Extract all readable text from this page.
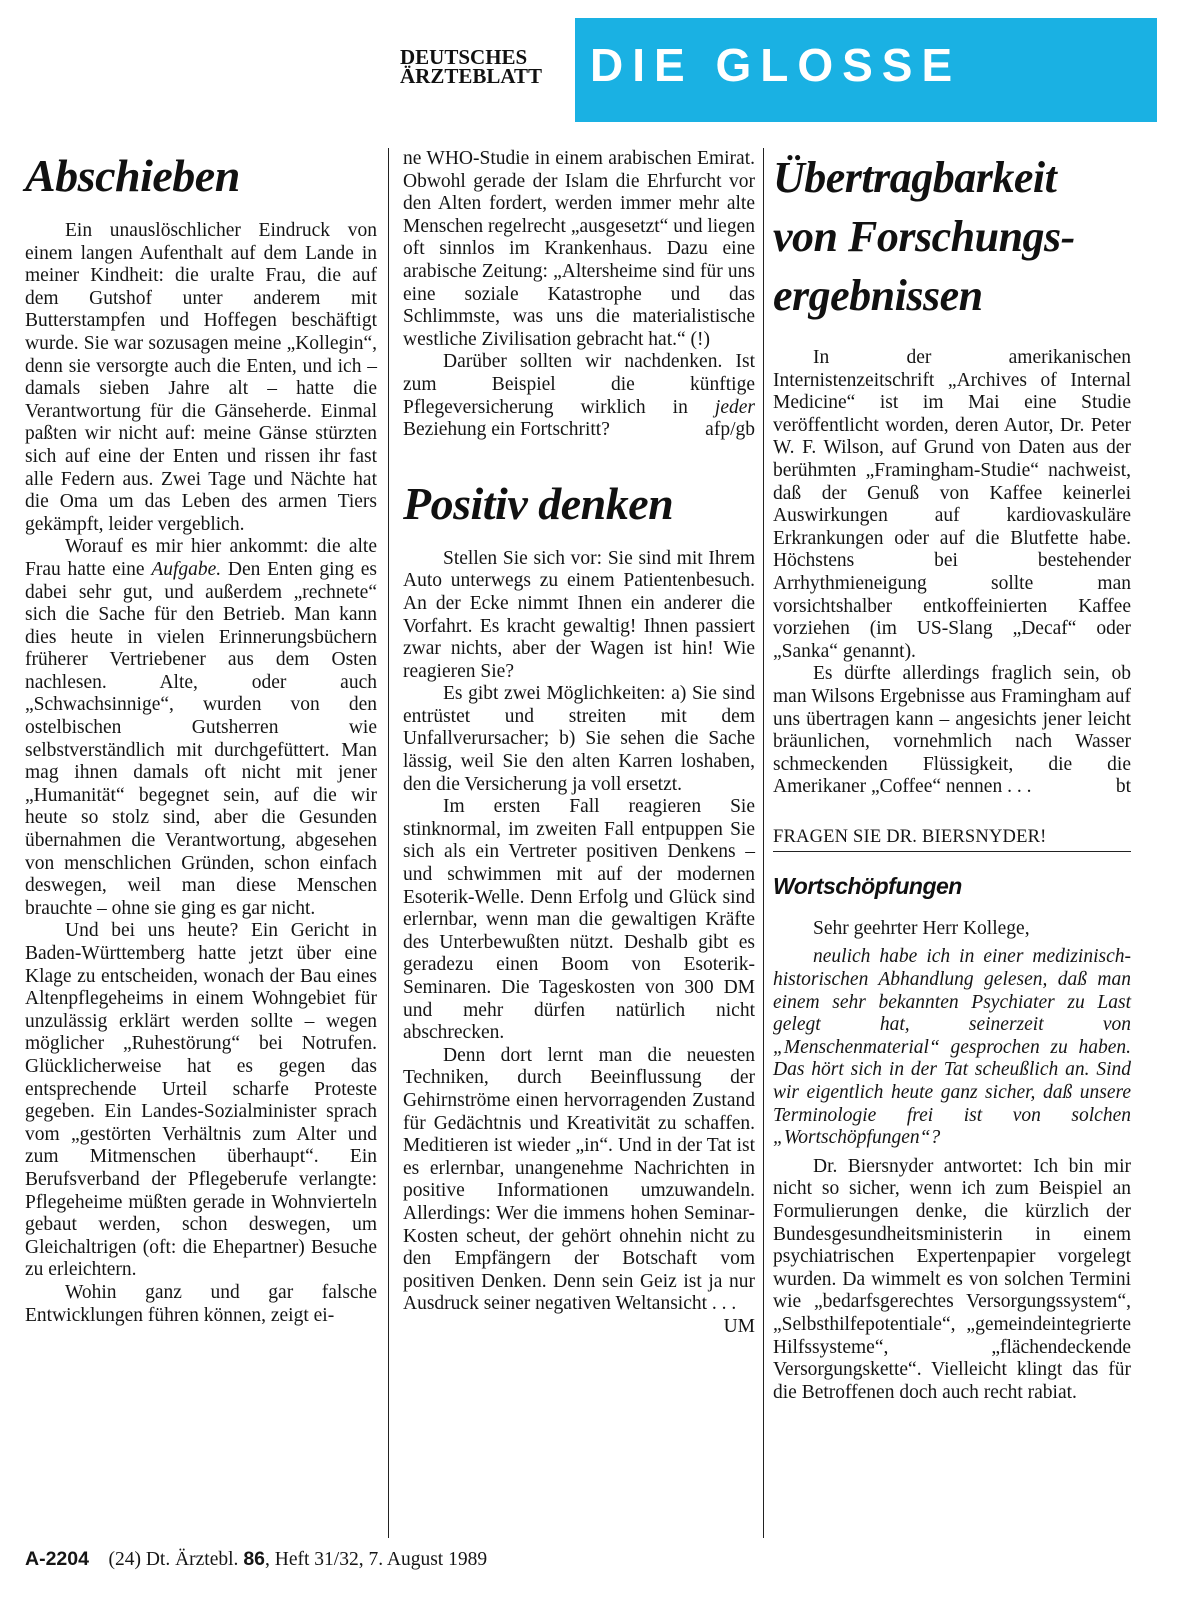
DEUTSCHES
ÄRZTEBLATT	DIE GLOSSE
Abschieben

Ein unauslöschlicher Eindruck von einem langen Aufenthalt auf dem Lande in meiner Kindheit: die uralte Frau, die auf dem Gutshof unter anderem mit Butterstampfen und Hoffegen beschäftigt wurde. Sie war sozusagen meine „Kollegin“, denn sie versorgte auch die Enten, und ich – damals sieben Jahre alt – hatte die Verantwortung für die Gänseherde. Einmal paßten wir nicht auf: meine Gänse stürzten sich auf eine der Enten und rissen ihr fast alle Federn aus. Zwei Tage und Nächte hat die Oma um das Leben des armen Tiers gekämpft, leider vergeblich.

Worauf es mir hier ankommt: die alte Frau hatte eine Aufgabe. Den Enten ging es dabei sehr gut, und außerdem „rechnete“ sich die Sache für den Betrieb. Man kann dies heute in vielen Erinnerungsbüchern früherer Vertriebener aus dem Osten nachlesen. Alte, oder auch „Schwachsinnige“, wurden von den ostelbischen Gutsherren wie selbstverständlich mit durchgefüttert. Man mag ihnen damals oft nicht mit jener „Humanität“ begegnet sein, auf die wir heute so stolz sind, aber die Gesunden übernahmen die Verantwortung, abgesehen von menschlichen Gründen, schon einfach deswegen, weil man diese Menschen brauchte – ohne sie ging es gar nicht.

Und bei uns heute? Ein Gericht in Baden-Württemberg hatte jetzt über eine Klage zu entscheiden, wonach der Bau eines Altenpflegeheims in einem Wohngebiet für unzulässig erklärt werden sollte – wegen möglicher „Ruhestörung“ bei Notrufen. Glücklicherweise hat es gegen das entsprechende Urteil scharfe Proteste gegeben. Ein Landes-Sozialminister sprach vom „gestörten Verhältnis zum Alter und zum Mitmenschen überhaupt“. Ein Berufsverband der Pflegeberufe verlangte: Pflegeheime müßten gerade in Wohnvierteln gebaut werden, schon deswegen, um Gleichaltrigen (oft: die Ehepartner) Besuche zu erleichtern.

Wohin ganz und gar falsche Entwicklungen führen können, zeigt ei-

ne WHO-Studie in einem arabischen Emirat. Obwohl gerade der Islam die Ehrfurcht vor den Alten fordert, werden immer mehr alte Menschen regelrecht „ausgesetzt“ und liegen oft sinnlos im Krankenhaus. Dazu eine arabische Zeitung: „Altersheime sind für uns eine soziale Katastrophe und das Schlimmste, was uns die materialistische westliche Zivilisation gebracht hat.“ (!)

Darüber sollten wir nachdenken. Ist zum Beispiel die künftige Pflegeversicherung wirklich in jeder Beziehung ein Fortschritt?	afp/gb

Positiv denken

Stellen Sie sich vor: Sie sind mit Ihrem Auto unterwegs zu einem Patientenbesuch. An der Ecke nimmt Ihnen ein anderer die Vorfahrt. Es kracht gewaltig! Ihnen passiert zwar nichts, aber der Wagen ist hin! Wie reagieren Sie?

Es gibt zwei Möglichkeiten: a) Sie sind entrüstet und streiten mit dem Unfallverursacher; b) Sie sehen die Sache lässig, weil Sie den alten Karren loshaben, den die Versicherung ja voll ersetzt.

Im ersten Fall reagieren Sie stinknormal, im zweiten Fall entpuppen Sie sich als ein Vertreter positiven Denkens – und schwimmen mit auf der modernen Esoterik-Welle. Denn Erfolg und Glück sind erlernbar, wenn man die gewaltigen Kräfte des Unterbewußten nützt. Deshalb gibt es geradezu einen Boom von Esoterik-Seminaren. Die Tageskosten von 300 DM und mehr dürfen natürlich nicht abschrecken.

Denn dort lernt man die neuesten Techniken, durch Beeinflussung der Gehirnströme einen hervorragenden Zustand für Gedächtnis und Kreativität zu schaffen. Meditieren ist wieder „in“. Und in der Tat ist es erlernbar, unangenehme Nachrichten in positive Informationen umzuwandeln. Allerdings: Wer die immens hohen Seminar-Kosten scheut, der gehört ohnehin nicht zu den Empfängern der Botschaft vom positiven Denken. Denn sein Geiz ist ja nur Ausdruck seiner negativen Weltansicht . . .
UM

Übertragbarkeit
von Forschungs-
ergebnissen

In der amerikanischen Internistenzeitschrift „Archives of Internal Medicine“ ist im Mai eine Studie veröffentlicht worden, deren Autor, Dr. Peter W. F. Wilson, auf Grund von Daten aus der berühmten „Framingham-Studie“ nachweist, daß der Genuß von Kaffee keinerlei Auswirkungen auf kardiovaskuläre Erkrankungen oder auf die Blutfette habe. Höchstens bei bestehender Arrhythmieneigung sollte man vorsichtshalber entkoffeinierten Kaffee vorziehen (im US-Slang „Decaf“ oder „Sanka“ genannt).

Es dürfte allerdings fraglich sein, ob man Wilsons Ergebnisse aus Framingham auf uns übertragen kann – angesichts jener leicht bräunlichen, vornehmlich nach Wasser schmeckenden Flüssigkeit, die die Amerikaner „Coffee“ nennen . . .	bt

FRAGEN SIE DR. BIERSNYDER!
Wortschöpfungen

Sehr geehrter Herr Kollege,

neulich habe ich in einer medizinisch-historischen Abhandlung gelesen, daß man einem sehr bekannten Psychiater zu Last gelegt hat, seinerzeit von „Menschenmaterial“ gesprochen zu haben. Das hört sich in der Tat scheußlich an. Sind wir eigentlich heute ganz sicher, daß unsere Terminologie frei ist von solchen „Wortschöpfungen“?

Dr. Biersnyder antwortet: Ich bin mir nicht so sicher, wenn ich zum Beispiel an Formulierungen denke, die kürzlich der Bundesgesundheitsministerin in einem psychiatrischen Expertenpapier vorgelegt wurden. Da wimmelt es von solchen Termini wie „bedarfsgerechtes Versorgungssystem“, „Selbsthilfepotentiale“, „gemeindeintegrierte Hilfssysteme“, „flächendeckende Versorgungskette“. Vielleicht klingt das für die Betroffenen doch auch recht rabiat.

A-2204 (24) Dt. Ärztebl. 86, Heft 31/32, 7. August 1989
